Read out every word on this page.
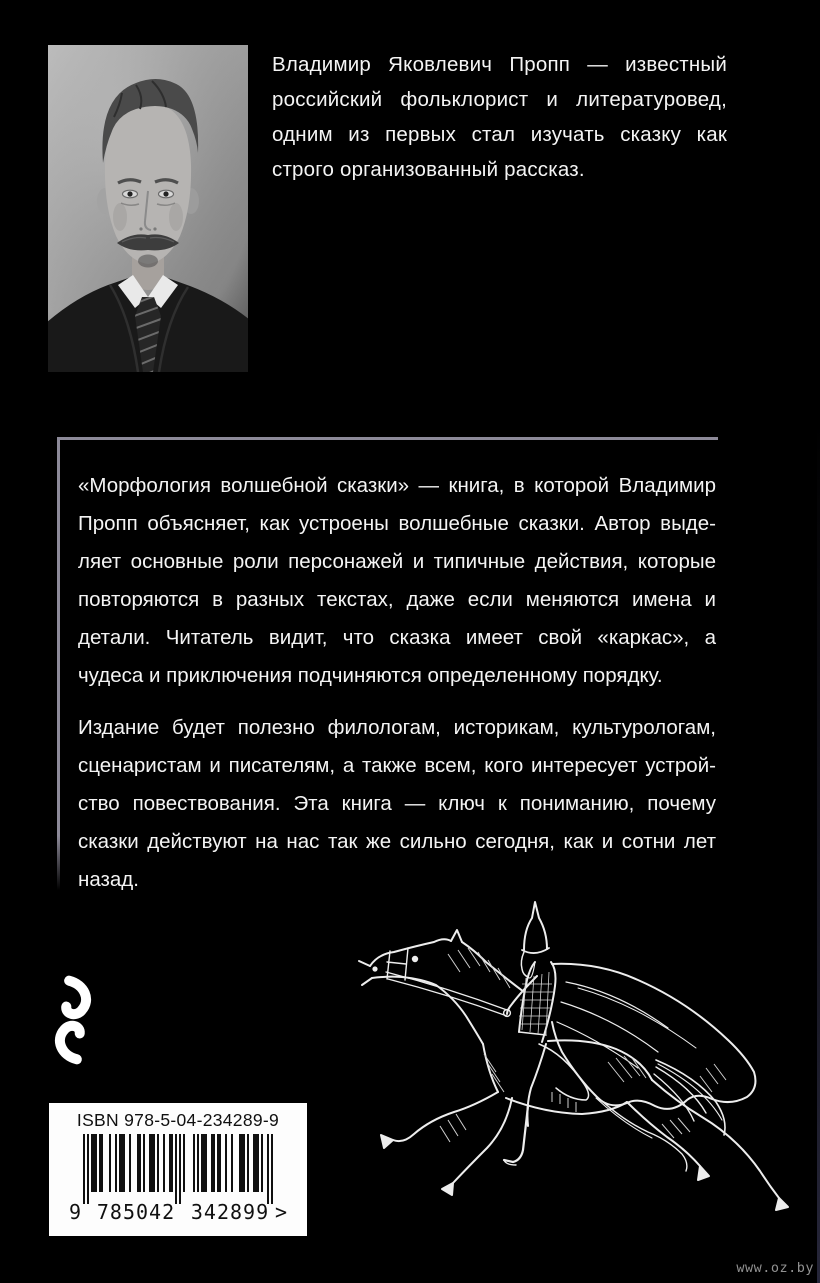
Владимир Яковлевич Пропп — известный
российский фольклорист и литературовед,
одним из первых стал изучать сказку как
строго организованный рассказ.
«Морфология волшебной сказки» — книга, в которой Владимир
Пропп объясняет, как устроены волшебные сказки. Автор выде-
ляет основные роли персонажей и типичные действия, которые
повторяются в разных текстах, даже если меняются имена и
детали. Читатель видит, что сказка имеет свой «каркас», а
чудеса и приключения подчиняются определенному порядку.
Издание будет полезно филологам, историкам, культурологам,
сценаристам и писателям, а также всем, кого интересует устрой-
ство повествования. Эта книга — ключ к пониманию, почему
сказки действуют на нас так же сильно сегодня, как и сотни лет
назад.
ISBN 978-5-04-234289-9
9 785042 342899 >
www.oz.by
